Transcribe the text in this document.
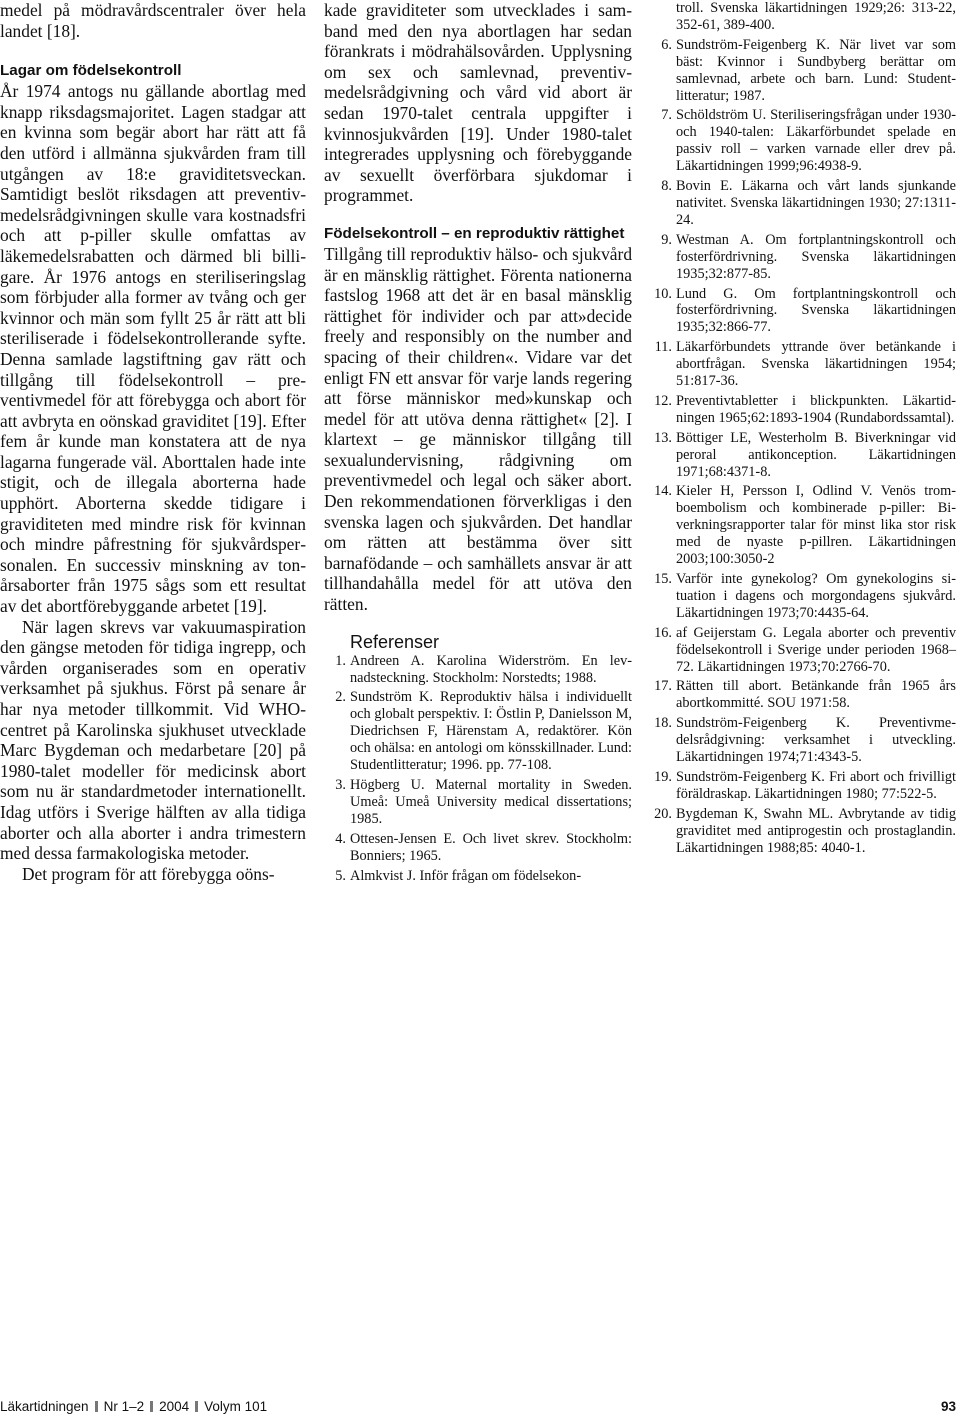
medel på mödravårdscentraler över hela landet [18].

Lagar om födelsekontroll

År 1974 antogs nu gällande abortlag med knapp riksdagsmajoritet. Lagen stadgar att en kvinna som begär abort har rätt att få den utförd i allmänna sjukvården fram till utgången av 18:e graviditetsveckan. Samtidigt beslöt riksdagen att preventivmedelsrådgivningen skulle vara kostnadsfri och att p-piller skulle omfattas av läkemedelsrabatten och därmed bli billigare. År 1976 antogs en steriliseringslag som förbjuder alla former av tvång och ger kvinnor och män som fyllt 25 år rätt att bli steriliserade i födelsekontrollerande syfte. Denna samlade lagstiftning gav rätt och tillgång till födelsekontroll – preventivmedel för att förebygga och abort för att avbryta en oönskad graviditet [19]. Efter fem år kunde man konstatera att de nya lagarna fungerade väl. Aborttalen hade inte stigit, och de illegala aborterna hade upphört. Aborterna skedde tidigare i graviditeten med mindre risk för kvinnan och mindre påfrestning för sjukvårdspersonalen. En successiv minskning av tonårsaborter från 1975 sågs som ett resultat av det abortförebyggande arbetet [19].

När lagen skrevs var vakuumaspiration den gängse metoden för tidiga ingrepp, och vården organiserades som en operativ verksamhet på sjukhus. Först på senare år har nya metoder tillkommit. Vid WHO-centret på Karolinska sjukhuset utvecklade Marc Bygdeman och medarbetare [20] på 1980-talet modeller för medicinsk abort som nu är standardmetoder internationellt. Idag utförs i Sverige hälften av alla tidiga aborter och alla aborter i andra trimestern med dessa farmakologiska metoder.

Det program för att förebygga oöns-

kade graviditeter som utvecklades i samband med den nya abortlagen har sedan förankrats i mödrahälsovården. Upplysning om sex och samlevnad, preventivmedelsrådgivning och vård vid abort är sedan 1970-talet centrala uppgifter i kvinnosjukvården [19]. Under 1980-talet integrerades upplysning och förebyggande av sexuellt överförbara sjukdomar i programmet.

Födelsekontroll – en reproduktiv rättighet

Tillgång till reproduktiv hälso- och sjukvård är en mänsklig rättighet. Förenta nationerna fastslog 1968 att det är en basal mänsklig rättighet för individer och par att»decide freely and responsibly on the number and spacing of their children«. Vidare var det enligt FN ett ansvar för varje lands regering att förse människor med»kunskap och medel för att utöva denna rättighet« [2]. I klartext – ge människor tillgång till sexualundervisning, rådgivning om preventivmedel och legal och säker abort. Den rekommendationen förverkligas i den svenska lagen och sjukvården. Det handlar om rätten att bestämma över sitt barnafödande – och samhällets ansvar är att tillhandahålla medel för att utöva den rätten.

Referenser
1. Andreen A. Karolina Widerström. En levnadsteckning. Stockholm: Norstedts; 1988.
2. Sundström K. Reproduktiv hälsa i individuellt och globalt perspektiv. I: Östlin P, Danielsson M, Diedrichsen F, Härenstam A, redaktörer. Kön och ohälsa: en antologi om könsskillnader. Lund: Studentlitteratur; 1996. pp. 77-108.
3. Högberg U. Maternal mortality in Sweden. Umeå: Umeå University medical dissertations; 1985.
4. Ottesen-Jensen E. Och livet skrev. Stockholm: Bonniers; 1965.
5. Almkvist J. Inför frågan om födelsekon-
troll. Svenska läkartidningen 1929;26: 313-22, 352-61, 389-400.
6. Sundström-Feigenberg K. När livet var som bäst: Kvinnor i Sundbyberg berättar om samlevnad, arbete och barn. Lund: Studentlitteratur; 1987.
7. Schöldström U. Steriliseringsfrågan under 1930- och 1940-talen: Läkarförbundet spelade en passiv roll – varken varnade eller drev på. Läkartidningen 1999;96:4938-9.
8. Bovin E. Läkarna och vårt lands sjunkande nativitet. Svenska läkartidningen 1930; 27:1311-24.
9. Westman A. Om fortplantningskontroll och fosterfördrivning. Svenska läkartidningen 1935;32:877-85.
10. Lund G. Om fortplantningskontroll och fosterfördrivning. Svenska läkartidningen 1935;32:866-77.
11. Läkarförbundets yttrande över betänkande i abortfrågan. Svenska läkartidningen 1954; 51:817-36.
12. Preventivtabletter i blickpunkten. Läkartidningen 1965;62:1893-1904 (Rundabordssamtal).
13. Böttiger LE, Westerholm B. Biverkningar vid peroral antikonception. Läkartidningen 1971;68:4371-8.
14. Kieler H, Persson I, Odlind V. Venös tromboembolism och kombinerade p-piller: Biverkningsrapporter talar för minst lika stor risk med de nyaste p-pillren. Läkartidningen 2003;100:3050-2
15. Varför inte gynekolog? Om gynekologins situation i dagens och morgondagens sjukvård. Läkartidningen 1973;70:4435-64.
16. af Geijerstam G. Legala aborter och preventiv födelsekontroll i Sverige under perioden 1968–72. Läkartidningen 1973;70:2766-70.
17. Rätten till abort. Betänkande från 1965 års abortkommitté. SOU 1971:58.
18. Sundström-Feigenberg K. Preventivmedelsrådgivning: verksamhet i utveckling. Läkartidningen 1974;71:4343-5.
19. Sundström-Feigenberg K. Fri abort och frivilligt föräldraskap. Läkartidningen 1980; 77:522-5.
20. Bygdeman K, Swahn ML. Avbrytande av tidig graviditet med antiprogestin och prostaglandin. Läkartidningen 1988;85: 4040-1.
Läkartidningen Nr 1–2 2004 Volym 101	93
